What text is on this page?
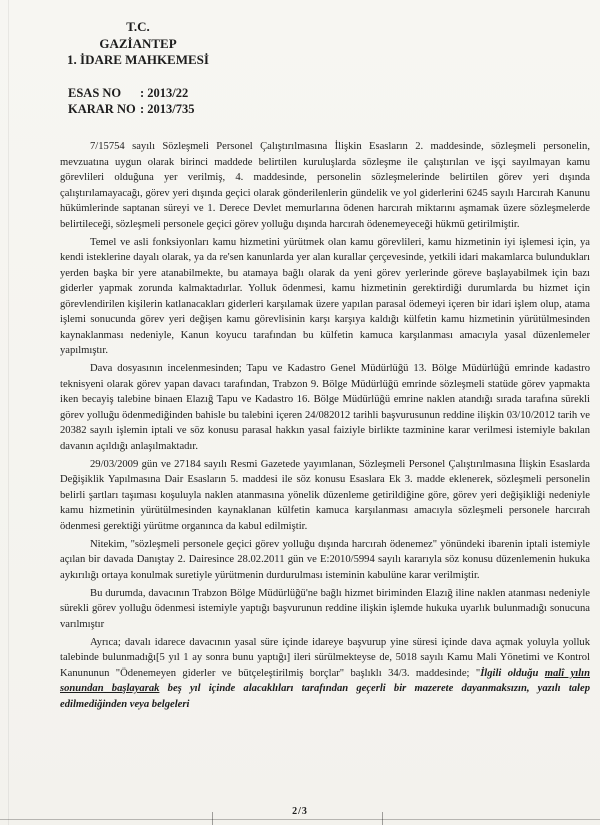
T.C.
GAZİANTEP
1. İDARE MAHKEMESİ
ESAS NO	: 2013/22
KARAR NO : 2013/735

7/15754 sayılı Sözleşmeli Personel Çalıştırılmasına İlişkin Esasların 2. maddesinde, sözleşmeli personelin, mevzuatına uygun olarak birinci maddede belirtilen kuruluşlarda sözleşme ile çalıştırılan ve işçi sayılmayan kamu görevlileri olduğuna yer verilmiş, 4. maddesinde, personelin sözleşmelerinde belirtilen görev yeri dışında çalıştırılamayacağı, görev yeri dışında geçici olarak gönderilenlerin gündelik ve yol giderlerini 6245 sayılı Harcırah Kanunu hükümlerinde saptanan süreyi ve 1. Derece Devlet memurlarına ödenen harcırah miktarını aşmamak üzere sözleşmelerde belirtileceği, sözleşmeli personele geçici görev yolluğu dışında harcırah ödenemeyeceği hükmü getirilmiştir.

Temel ve asli fonksiyonları kamu hizmetini yürütmek olan kamu görevlileri, kamu hizmetinin iyi işlemesi için, ya kendi isteklerine dayalı olarak, ya da re'sen kanunlarda yer alan kurallar çerçevesinde, yetkili idari makamlarca bulundukları yerden başka bir yere atanabilmekte, bu atamaya bağlı olarak da yeni görev yerlerinde göreve başlayabilmek için bazı giderler yapmak zorunda kalmaktadırlar. Yolluk ödenmesi, kamu hizmetinin gerektirdiği durumlarda bu hizmet için görevlendirilen kişilerin katlanacakları giderleri karşılamak üzere yapılan parasal ödemeyi içeren bir idari işlem olup, atama işlemi sonucunda görev yeri değişen kamu görevlisinin karşı karşıya kaldığı külfetin kamu hizmetinin yürütülmesinden kaynaklanması nedeniyle, Kanun koyucu tarafından bu külfetin kamuca karşılanması amacıyla yasal düzenlemeler yapılmıştır.

Dava dosyasının incelenmesinden; Tapu ve Kadastro Genel Müdürlüğü 13. Bölge Müdürlüğü emrinde kadastro teknisyeni olarak görev yapan davacı tarafından, Trabzon 9. Bölge Müdürlüğü emrinde sözleşmeli statüde görev yapmakta iken becayiş talebine binaen Elazığ Tapu ve Kadastro 16. Bölge Müdürlüğü emrine naklen atandığı sırada tarafına sürekli görev yolluğu ödenmediğinden bahisle bu talebini içeren 24/082012 tarihli başvurusunun reddine ilişkin 03/10/2012 tarih ve 20382 sayılı işlemin iptali ve söz konusu parasal hakkın yasal faiziyle birlikte tazminine karar verilmesi istemiyle bakılan davanın açıldığı anlaşılmaktadır.

29/03/2009 gün ve 27184 sayılı Resmi Gazetede yayımlanan, Sözleşmeli Personel Çalıştırılmasına İlişkin Esaslarda Değişiklik Yapılmasına Dair Esasların 5. maddesi ile söz konusu Esaslara Ek 3. madde eklenerek, sözleşmeli personelin belirli şartları taşıması koşuluyla naklen atanmasına yönelik düzenleme getirildiğine göre, görev yeri değişikliği nedeniyle kamu hizmetinin yürütülmesinden kaynaklanan külfetin kamuca karşılanması amacıyla sözleşmeli personele harcırah ödenmesi gerektiği yürütme organınca da kabul edilmiştir.

Nitekim, "sözleşmeli personele geçici görev yolluğu dışında harcırah ödenemez" yönündeki ibarenin iptali istemiyle açılan bir davada Danıştay 2. Dairesince 28.02.2011 gün ve E:2010/5994 sayılı kararıyla söz konusu düzenlemenin hukuka aykırılığı ortaya konulmak suretiyle yürütmenin durdurulması isteminin kabulüne karar verilmiştir.

Bu durumda, davacının Trabzon Bölge Müdürlüğü'ne bağlı hizmet biriminden Elazığ iline naklen atanması nedeniyle sürekli görev yolluğu ödenmesi istemiyle yaptığı başvurunun reddine ilişkin işlemde hukuka uyarlık bulunmadığı sonucuna varılmıştır

Ayrıca; davalı idarece davacının yasal süre içinde idareye başvurup yine süresi içinde dava açmak yoluyla yolluk talebinde bulunmadığı[5 yıl 1 ay sonra bunu yaptığı] ileri sürülmekteyse de, 5018 sayılı Kamu Mali Yönetimi ve Kontrol Kanununun "Ödenemeyen giderler ve bütçeleştirilmiş borçlar" başlıklı 34/3. maddesinde; "İlgili olduğu malî yılın sonundan başlayarak beş yıl içinde alacaklıları tarafından geçerli bir mazerete dayanmaksızın, yazılı talep edilmediğinden veya belgeleri

2/3
